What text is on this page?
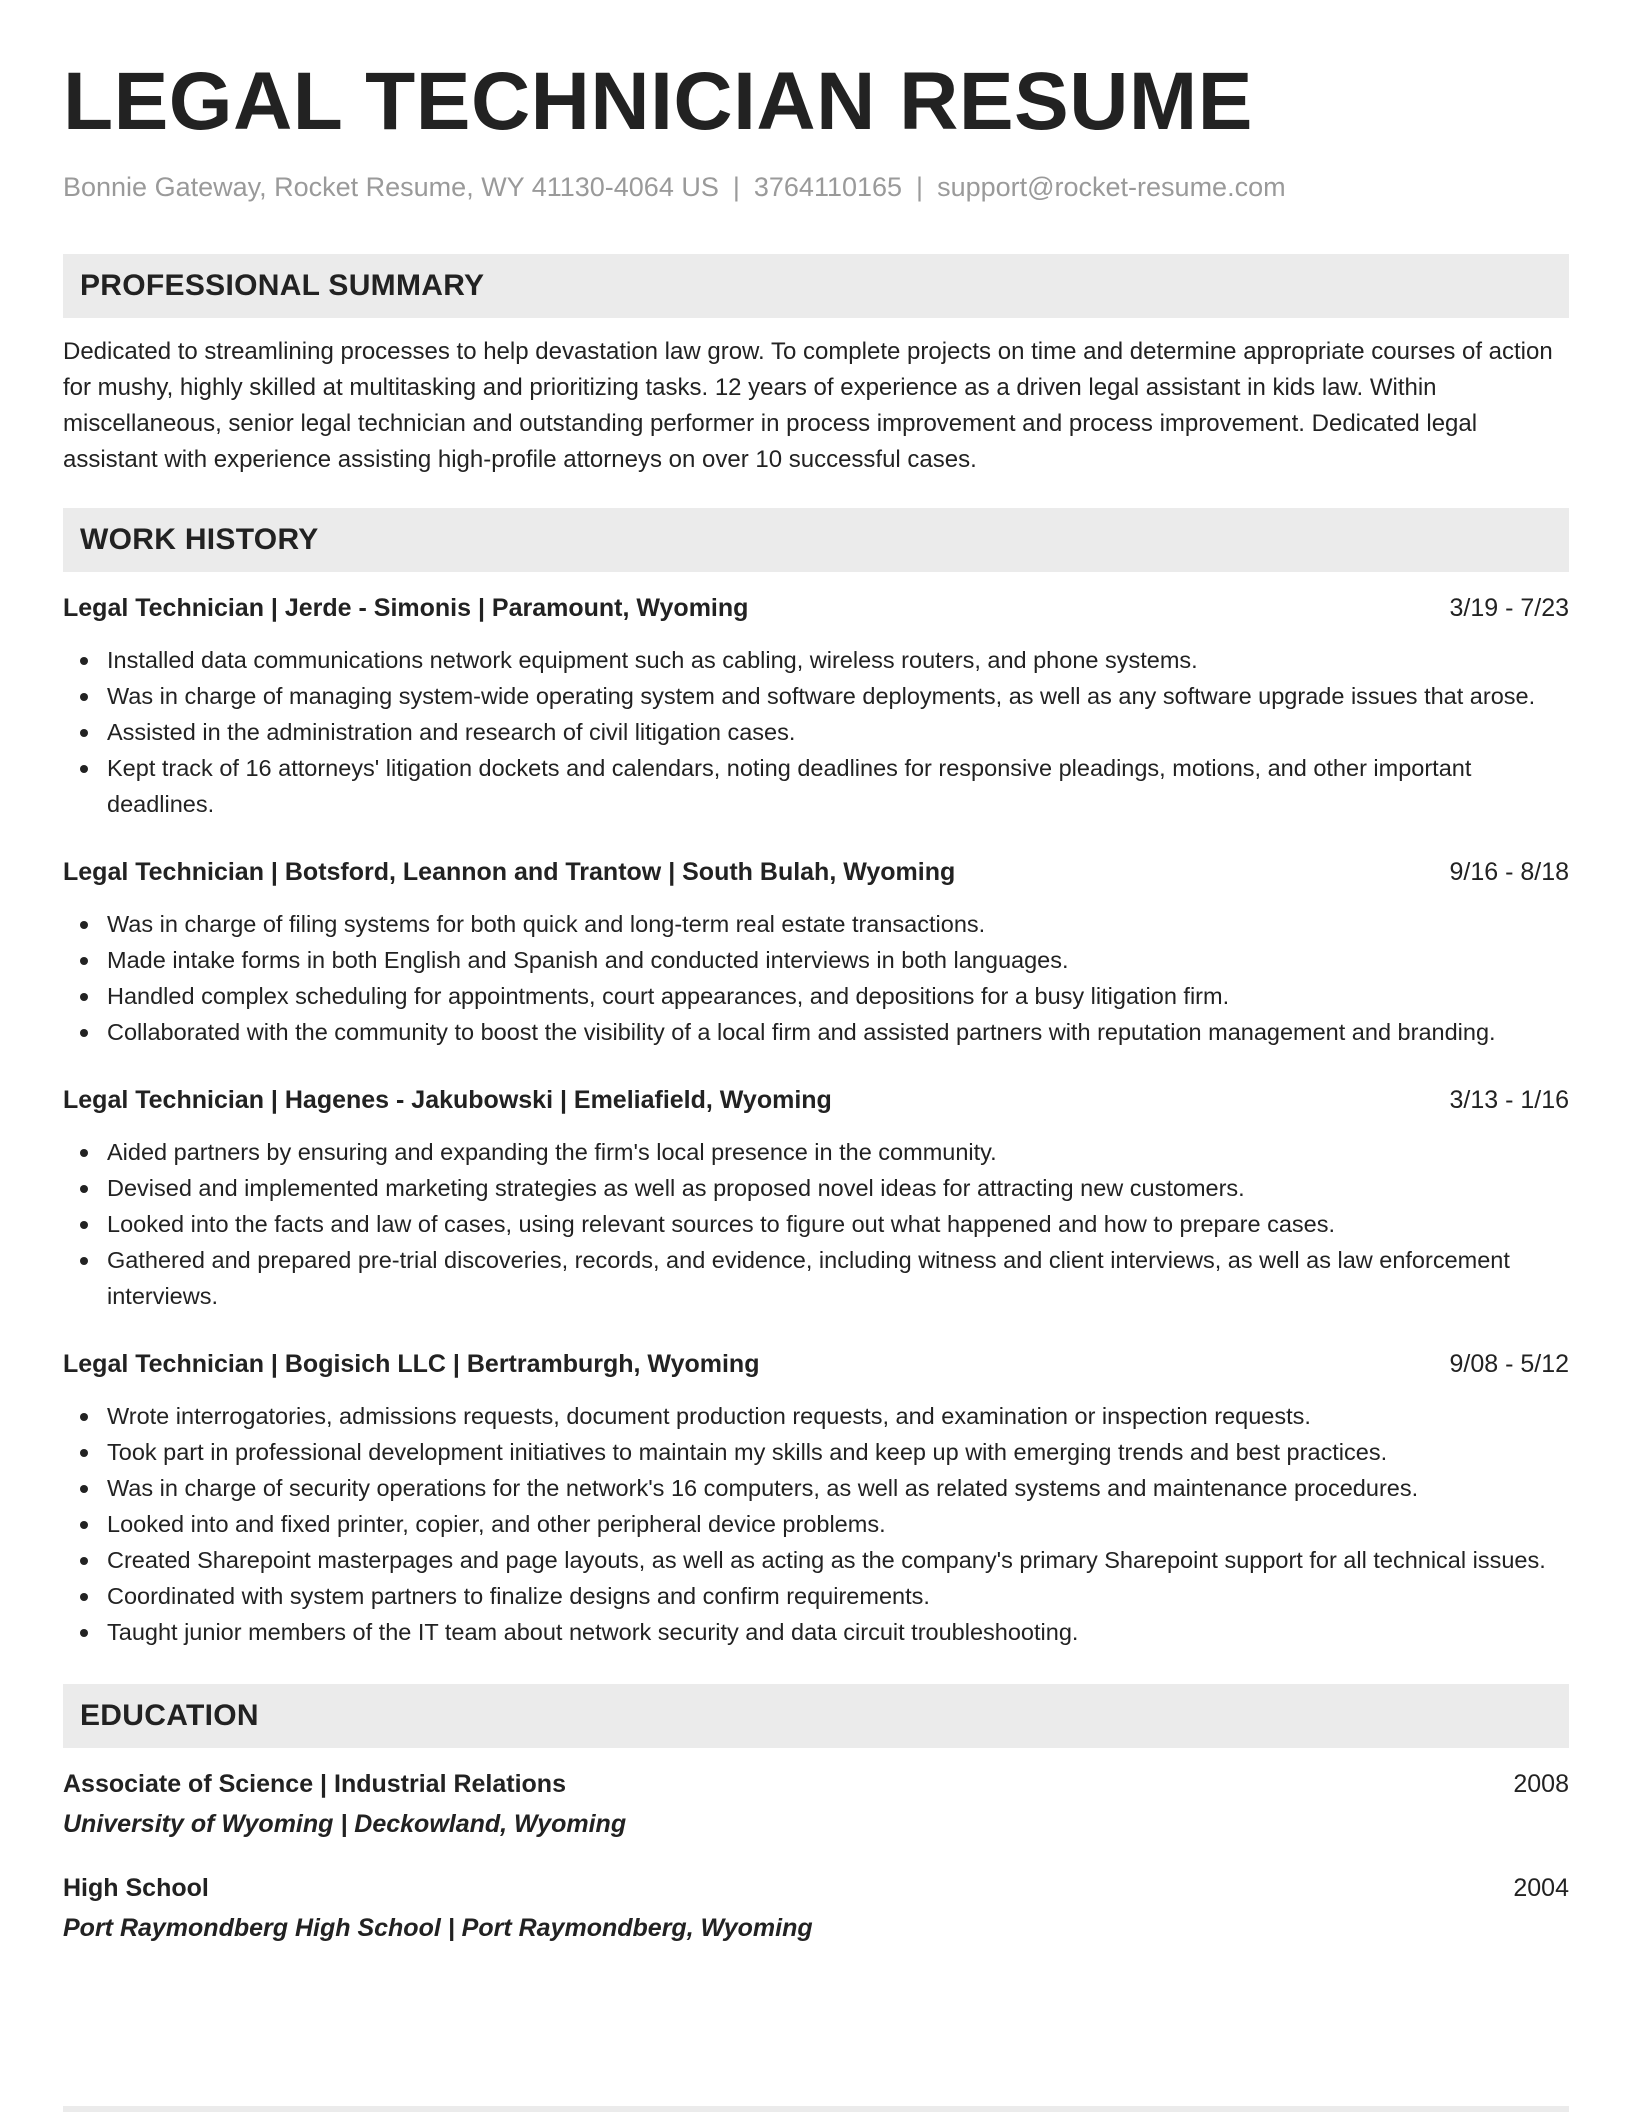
LEGAL TECHNICIAN RESUME
Bonnie Gateway, Rocket Resume, WY 41130-4064 US | 3764110165 | support@rocket-resume.com
PROFESSIONAL SUMMARY
Dedicated to streamlining processes to help devastation law grow. To complete projects on time and determine appropriate courses of action for mushy, highly skilled at multitasking and prioritizing tasks. 12 years of experience as a driven legal assistant in kids law. Within miscellaneous, senior legal technician and outstanding performer in process improvement and process improvement. Dedicated legal assistant with experience assisting high-profile attorneys on over 10 successful cases.
WORK HISTORY
Legal Technician | Jerde - Simonis | Paramount, Wyoming	3/19 - 7/23
Installed data communications network equipment such as cabling, wireless routers, and phone systems.
Was in charge of managing system-wide operating system and software deployments, as well as any software upgrade issues that arose.
Assisted in the administration and research of civil litigation cases.
Kept track of 16 attorneys' litigation dockets and calendars, noting deadlines for responsive pleadings, motions, and other important deadlines.
Legal Technician | Botsford, Leannon and Trantow | South Bulah, Wyoming	9/16 - 8/18
Was in charge of filing systems for both quick and long-term real estate transactions.
Made intake forms in both English and Spanish and conducted interviews in both languages.
Handled complex scheduling for appointments, court appearances, and depositions for a busy litigation firm.
Collaborated with the community to boost the visibility of a local firm and assisted partners with reputation management and branding.
Legal Technician | Hagenes - Jakubowski | Emeliafield, Wyoming	3/13 - 1/16
Aided partners by ensuring and expanding the firm's local presence in the community.
Devised and implemented marketing strategies as well as proposed novel ideas for attracting new customers.
Looked into the facts and law of cases, using relevant sources to figure out what happened and how to prepare cases.
Gathered and prepared pre-trial discoveries, records, and evidence, including witness and client interviews, as well as law enforcement interviews.
Legal Technician | Bogisich LLC | Bertramburgh, Wyoming	9/08 - 5/12
Wrote interrogatories, admissions requests, document production requests, and examination or inspection requests.
Took part in professional development initiatives to maintain my skills and keep up with emerging trends and best practices.
Was in charge of security operations for the network's 16 computers, as well as related systems and maintenance procedures.
Looked into and fixed printer, copier, and other peripheral device problems.
Created Sharepoint masterpages and page layouts, as well as acting as the company's primary Sharepoint support for all technical issues.
Coordinated with system partners to finalize designs and confirm requirements.
Taught junior members of the IT team about network security and data circuit troubleshooting.
EDUCATION
Associate of Science | Industrial Relations	2008
University of Wyoming | Deckowland, Wyoming
High School	2004
Port Raymondberg High School | Port Raymondberg, Wyoming
